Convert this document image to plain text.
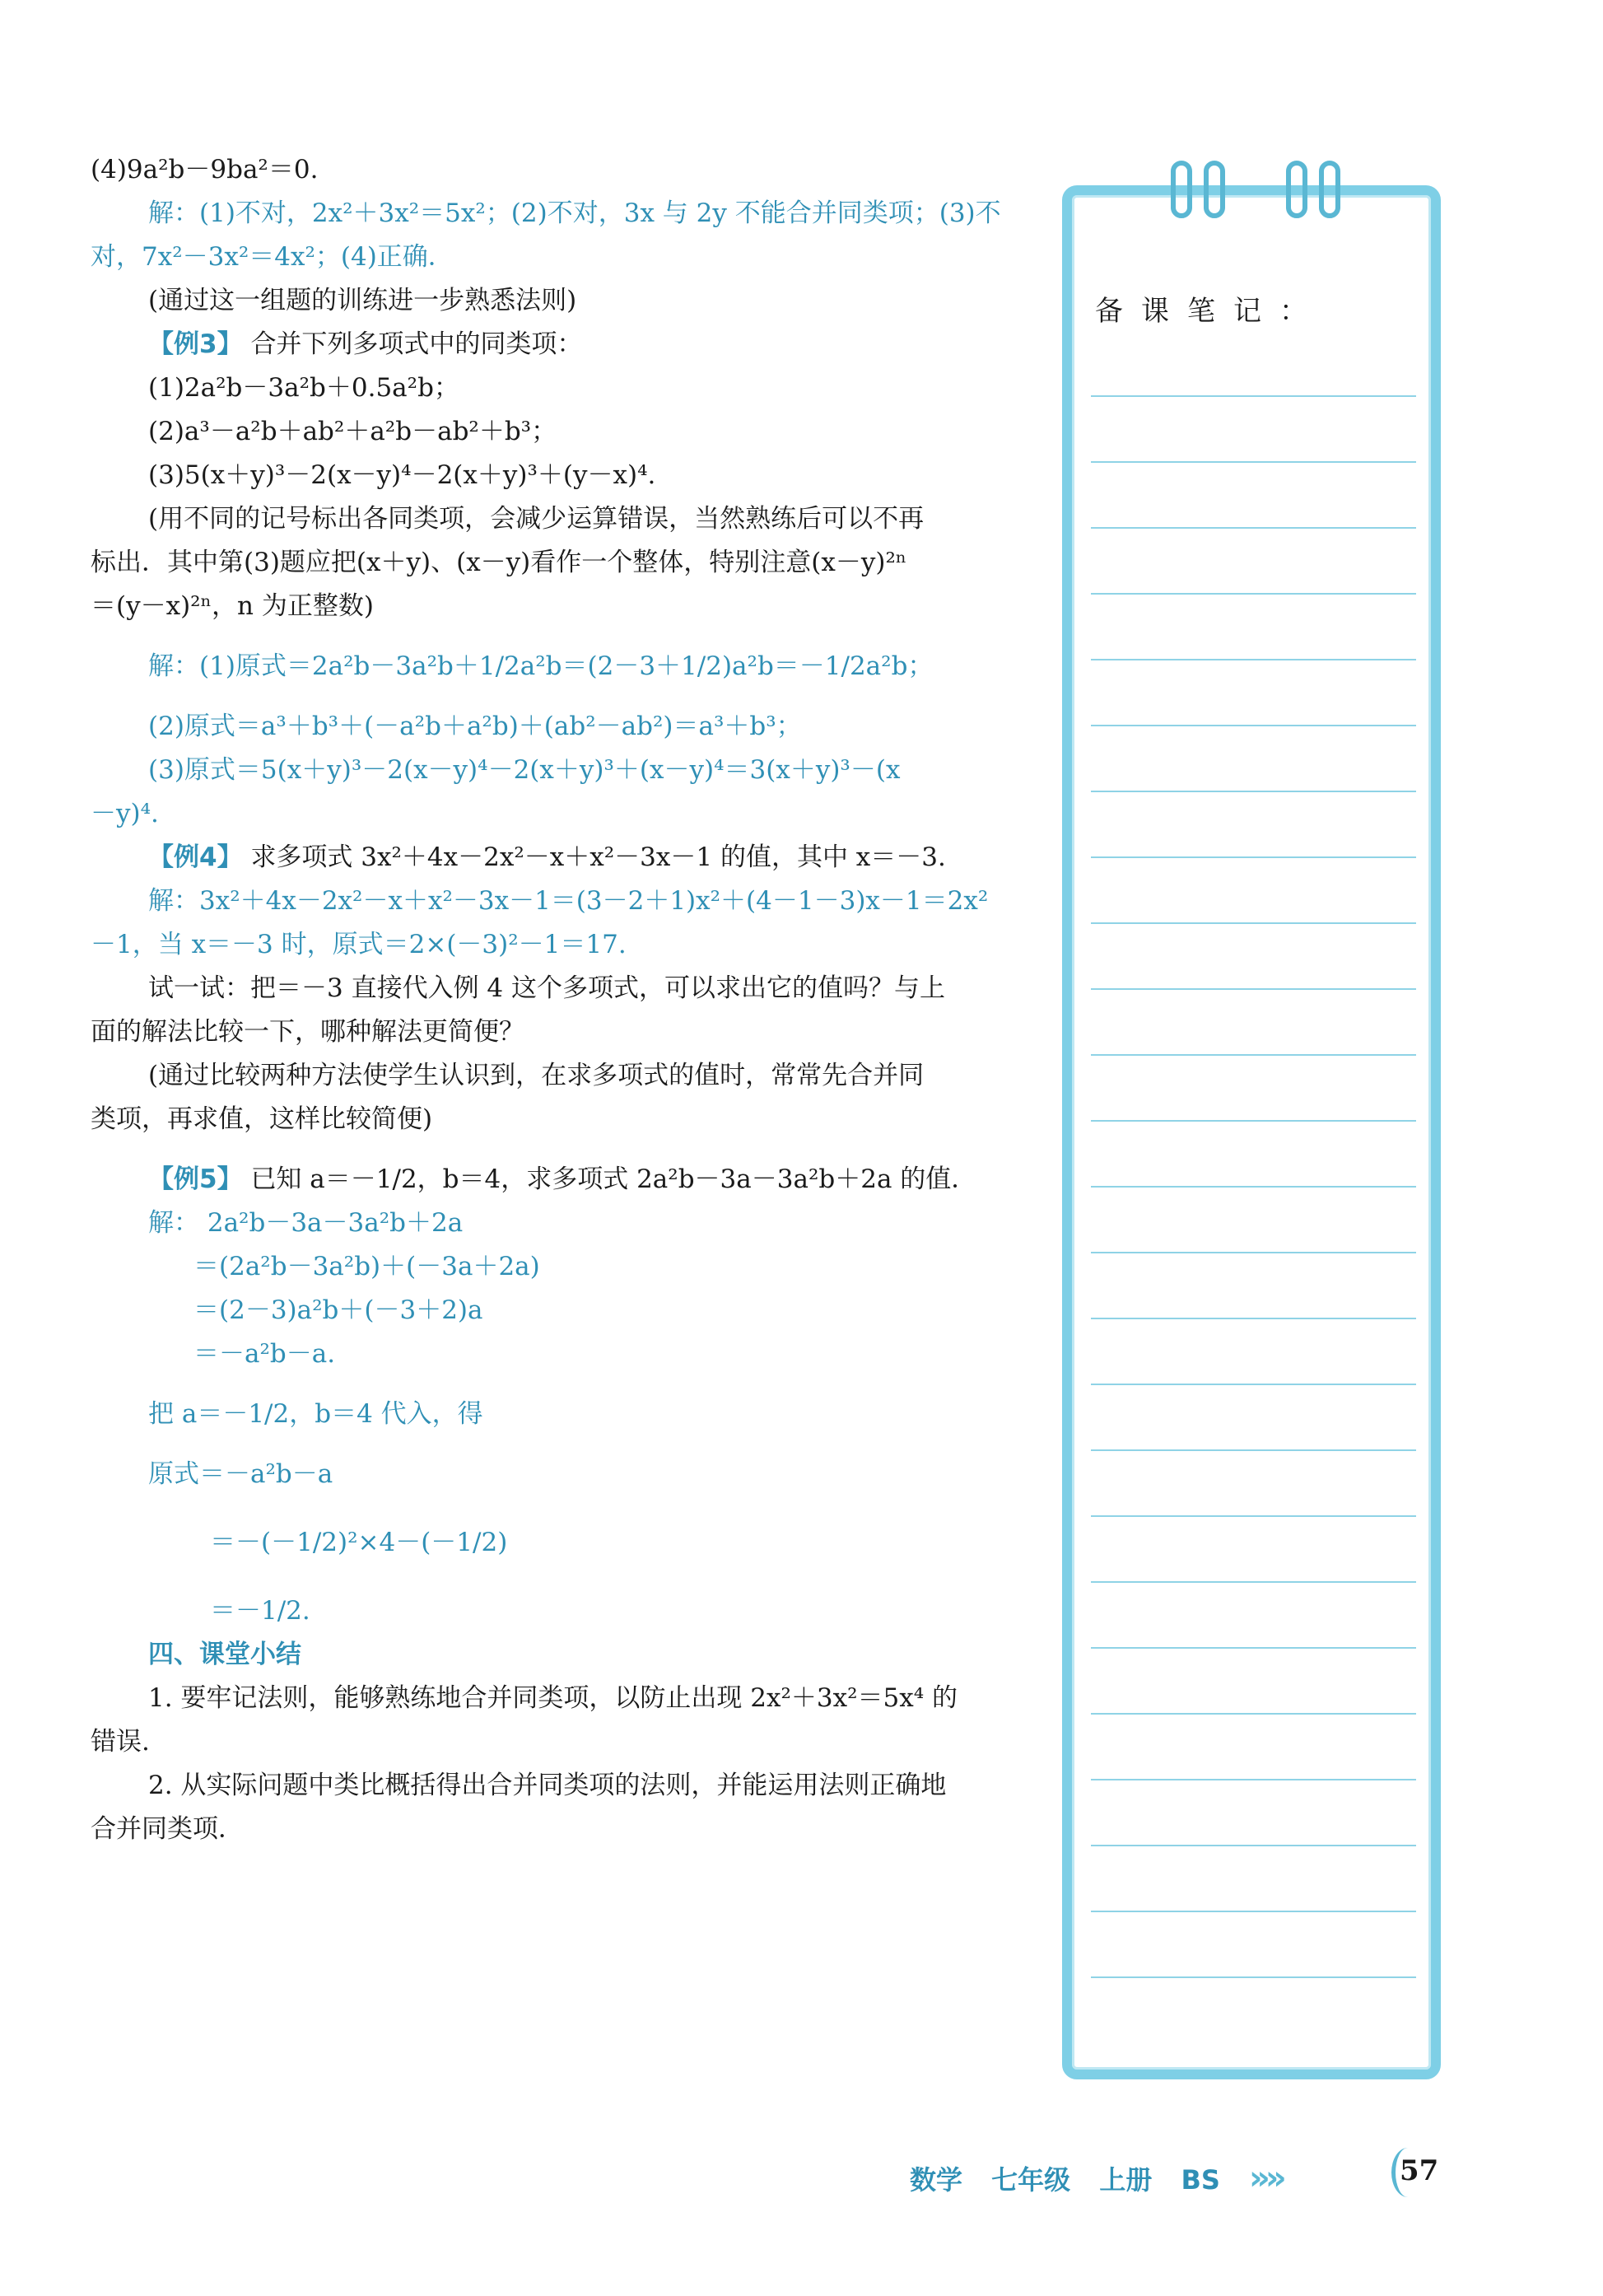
(4)9a²b－9ba²＝0.
解：(1)不对，2x²＋3x²＝5x²；(2)不对，3x 与 2y 不能合并同类项；(3)不
对，7x²－3x²＝4x²；(4)正确．
(通过这一组题的训练进一步熟悉法则)
【例3】 合并下列多项式中的同类项：
(1)2a²b－3a²b＋0.5a²b；
(2)a³－a²b＋ab²＋a²b－ab²＋b³；
(3)5(x＋y)³－2(x－y)⁴－2(x＋y)³＋(y－x)⁴.
(用不同的记号标出各同类项，会减少运算错误，当然熟练后可以不再
标出．其中第(3)题应把(x＋y)、(x－y)看作一个整体，特别注意(x－y)²ⁿ
＝(y－x)²ⁿ，n 为正整数)
解：(1)原式＝2a²b－3a²b＋1/2a²b＝(2－3＋1/2)a²b＝－1/2a²b；
(2)原式＝a³＋b³＋(－a²b＋a²b)＋(ab²－ab²)＝a³＋b³；
(3)原式＝5(x＋y)³－2(x－y)⁴－2(x＋y)³＋(x－y)⁴＝3(x＋y)³－(x
－y)⁴.
【例4】 求多项式 3x²＋4x－2x²－x＋x²－3x－1 的值，其中 x＝－3.
解：3x²＋4x－2x²－x＋x²－3x－1＝(3－2＋1)x²＋(4－1－3)x－1＝2x²
－1，当 x＝－3 时，原式＝2×(－3)²－1＝17.
试一试：把＝－3 直接代入例 4 这个多项式，可以求出它的值吗？与上
面的解法比较一下，哪种解法更简便？
(通过比较两种方法使学生认识到，在求多项式的值时，常常先合并同
类项，再求值，这样比较简便)
【例5】 已知 a＝－1/2，b＝4，求多项式 2a²b－3a－3a²b＋2a 的值．
解： 2a²b－3a－3a²b＋2a
＝(2a²b－3a²b)＋(－3a＋2a)
＝(2－3)a²b＋(－3＋2)a
＝－a²b－a.
把 a＝－1/2，b＝4 代入，得
原式＝－a²b－a
＝－(－1/2)²×4－(－1/2)
＝－1/2.
四、课堂小结
1. 要牢记法则，能够熟练地合并同类项，以防止出现 2x²＋3x²＝5x⁴ 的
错误.
2. 从实际问题中类比概括得出合并同类项的法则，并能运用法则正确地
合并同类项．
备课笔记：
数学 七年级 上册 BS »»	57
